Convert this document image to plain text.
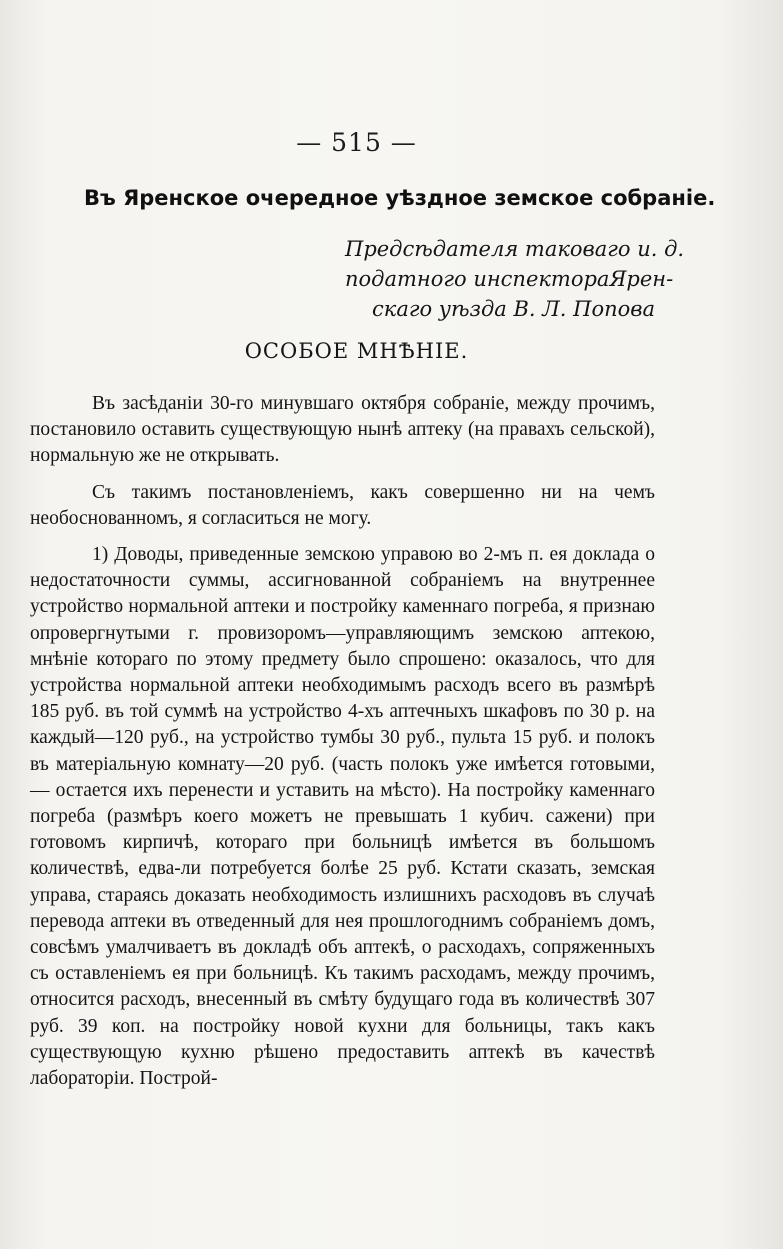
— 515 —
Въ Яренское очередное уѣздное земское собраніе.
Предсѣдателя таковаго и. д.
податного инспектораЯрен-
скаго уѣзда В. Л. Попова
ОСОБОЕ МНѢНІЕ.

Въ засѣданіи 30-го минувшаго октября собраніе, между прочимъ, постановило оставить существующую нынѣ аптеку (на правахъ сельской), нормальную же не открывать.

Съ такимъ постановленіемъ, какъ совершенно ни на чемъ необоснованномъ, я согласиться не могу.

1) Доводы, приведенные земскою управою во 2-мъ п. ея доклада о недостаточности суммы, ассигнованной собраніемъ на внутреннее устройство нормальной аптеки и постройку каменнаго погреба, я признаю опровергнутыми г. провизоромъ—управляющимъ земскою аптекою, мнѣніе котораго по этому предмету было спрошено: оказалось, что для устройства нормальной аптеки необходимымъ расходъ всего въ размѣрѣ 185 руб. въ той суммѣ на устройство 4-хъ аптечныхъ шкафовъ по 30 р. на каждый—120 руб., на устройство тумбы 30 руб., пульта 15 руб. и полокъ въ матеріальную комнату—20 руб. (часть полокъ уже имѣется готовыми,— остается ихъ перенести и уставить на мѣсто). На постройку каменнаго погреба (размѣръ коего можетъ не превышать 1 кубич. сажени) при готовомъ кирпичѣ, котораго при больницѣ имѣется въ большомъ количествѣ, едва-ли потребуется болѣе 25 руб. Кстати сказать, земская управа, стараясь доказать необходимость излишнихъ расходовъ въ случаѣ перевода аптеки въ отведенный для нея прошлогоднимъ собраніемъ домъ, совсѣмъ умалчиваетъ въ докладѣ объ аптекѣ, о расходахъ, сопряженныхъ съ оставленіемъ ея при больницѣ. Къ такимъ расходамъ, между прочимъ, относится расходъ, внесенный въ смѣту будущаго года въ количествѣ 307 руб. 39 коп. на постройку новой кухни для больницы, такъ какъ существующую кухню рѣшено предоставить аптекѣ въ качествѣ лабораторіи. Построй-
